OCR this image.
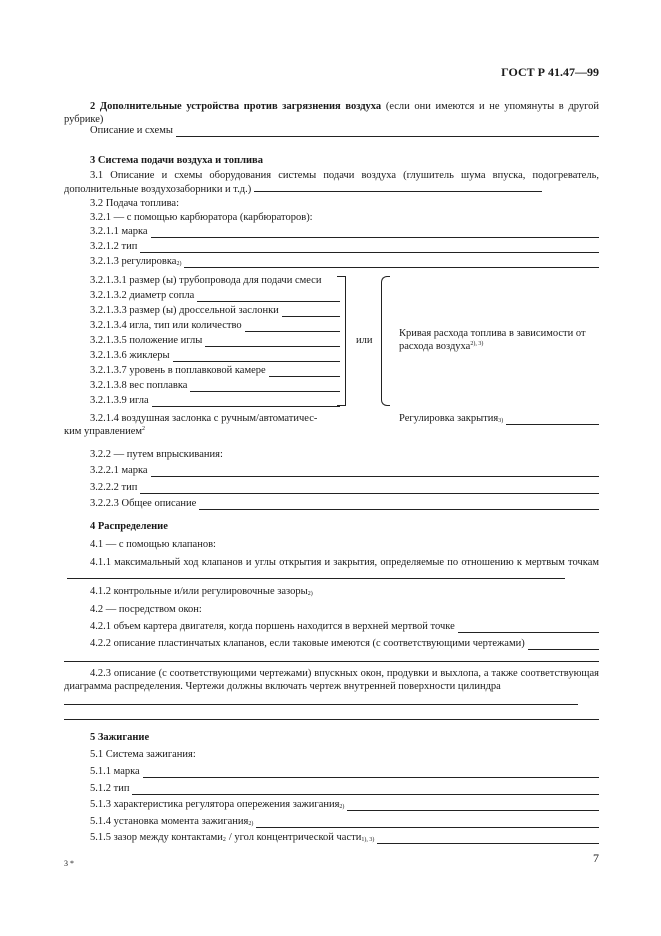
ГОСТ Р 41.47—99
2 Дополнительные устройства против загрязнения воздуха (если они имеются и не упомянуты в другой рубрике)
Описание и схемы
3 Система подачи воздуха и топлива
3.1 Описание и схемы оборудования системы подачи воздуха (глушитель шума впуска, подогреватель, дополнительные воздухозаборники и т.д.)
3.2 Подача топлива:
3.2.1 — с помощью карбюратора (карбюраторов):
3.2.1.1 марка
3.2.1.2 тип
3.2.1.3 регулировка 2)
3.2.1.3.1 размер (ы) трубопровода для подачи смеси
3.2.1.3.2 диаметр сопла
3.2.1.3.3 размер (ы) дроссельной заслонки
3.2.1.3.4 игла, тип или количество
3.2.1.3.5 положение иглы
3.2.1.3.6 жиклеры
3.2.1.3.7 уровень в поплавковой камере
3.2.1.3.8 вес поплавка
3.2.1.3.9 игла
или
Кривая расхода топлива в зависимости от расхода воздуха$^{2), 3)}$
3.2.1.4 воздушная заслонка с ручным/автоматичес-ким управлением$^2$
Регулировка закрытия 3)
3.2.2 — путем впрыскивания:
3.2.2.1 марка
3.2.2.2 тип
3.2.2.3 Общее описание
4 Распределение
4.1 — с помощью клапанов:
4.1.1 максимальный ход клапанов и углы открытия и закрытия, определяемые по отношению к мертвым точкам
4.1.2 контрольные и/или регулировочные зазоры 2)
4.2 — посредством окон:
4.2.1 объем картера двигателя, когда поршень находится в верхней мертвой точке
4.2.2 описание пластинчатых клапанов, если таковые имеются (с соответствующими чертежами)
4.2.3 описание (с соответствующими чертежами) впускных окон, продувки и выхлопа, а также соответствующая диаграмма распределения. Чертежи должны включать чертеж внутренней поверхности цилиндра
5 Зажигание
5.1 Система зажигания:
5.1.1 марка
5.1.2 тип
5.1.3 характеристика регулятора опережения зажигания 2)
5.1.4 установка момента зажигания 2)
5.1.5 зазор между контактами 2 / угол концентрической части 1), 3)
3 *	7
